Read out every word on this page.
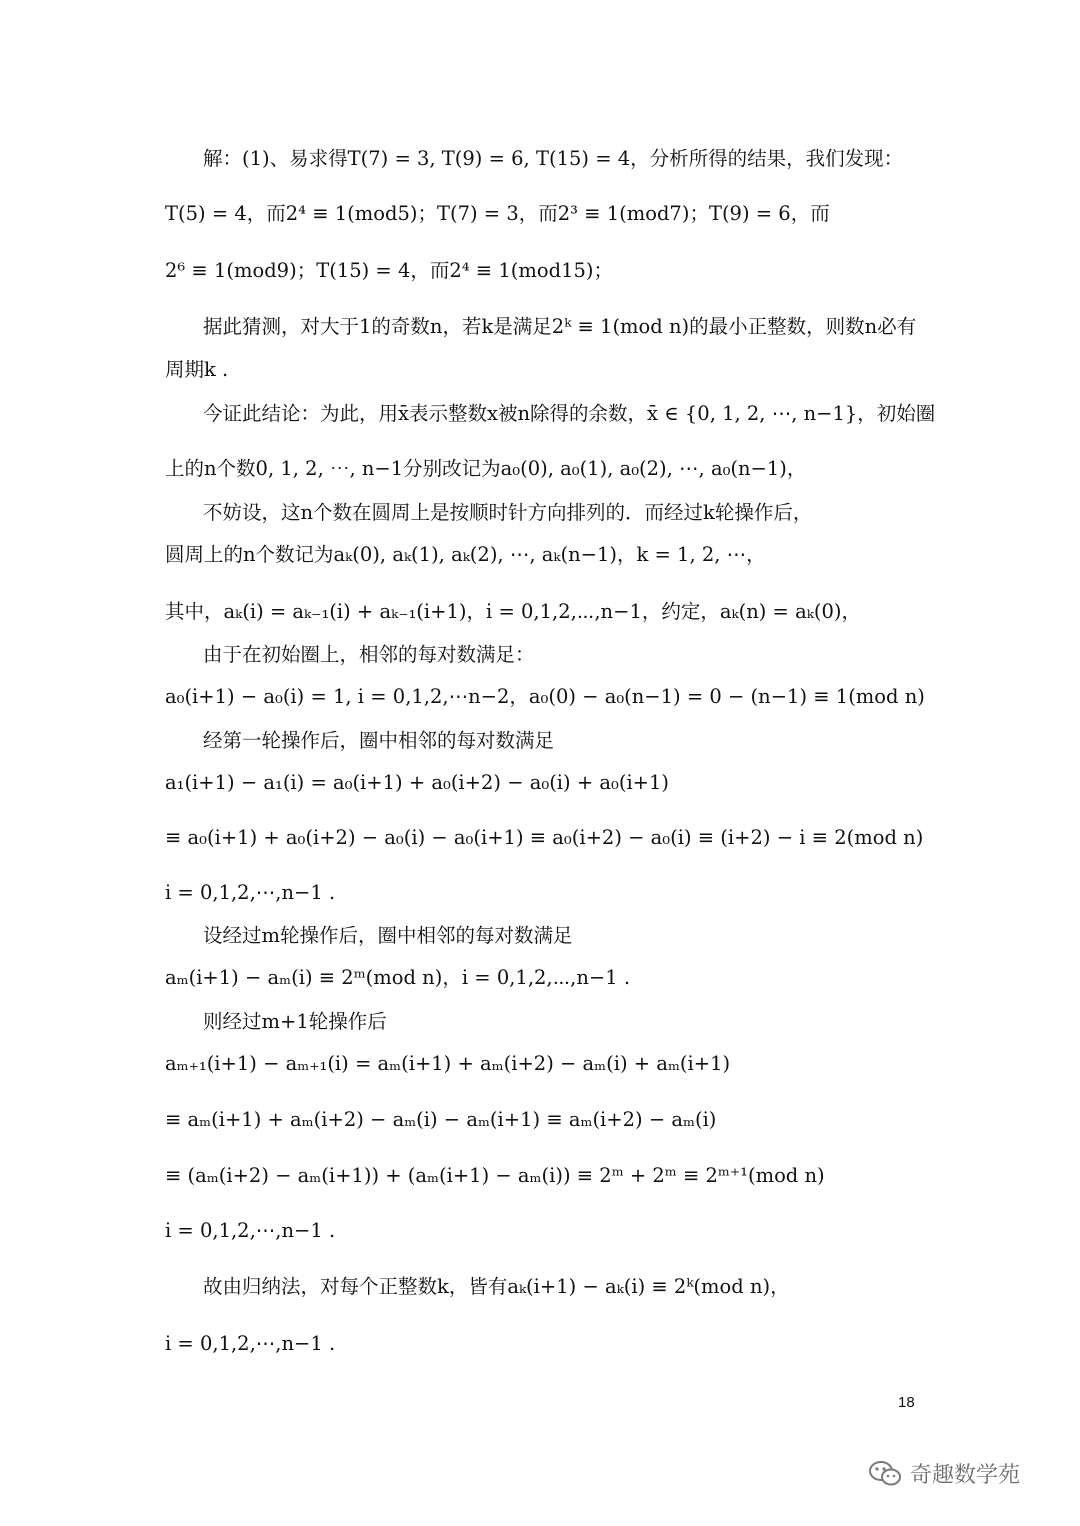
解：(1)、易求得T(7) = 3, T(9) = 6, T(15) = 4，分析所得的结果，我们发现：
T(5) = 4，而2⁴ ≡ 1(mod5)；T(7) = 3，而2³ ≡ 1(mod7)；T(9) = 6，而
2⁶ ≡ 1(mod9)；T(15) = 4，而2⁴ ≡ 1(mod15)；
据此猜测，对大于1的奇数n，若k是满足2ᵏ ≡ 1(mod n)的最小正整数，则数n必有
周期k .
今证此结论：为此，用x̄表示整数x被n除得的余数，x̄ ∈ {0, 1, 2, ⋯, n−1}，初始圈
上的n个数0, 1, 2, ⋯, n−1分别改记为a₀(0), a₀(1), a₀(2), ⋯, a₀(n−1)，
不妨设，这n个数在圆周上是按顺时针方向排列的．而经过k轮操作后，
圆周上的n个数记为aₖ(0), aₖ(1), aₖ(2), ⋯, aₖ(n−1)，k = 1, 2, ⋯，
其中，aₖ(i) = aₖ₋₁(i) + aₖ₋₁(i+1)，i = 0,1,2,⋯,n−1，约定，aₖ(n) = aₖ(0)，
由于在初始圈上，相邻的每对数满足：
a₀(i+1) − a₀(i) = 1, i = 0,1,2,⋯n−2，a₀(0) − a₀(n−1) = 0 − (n−1) ≡ 1(mod n)
经第一轮操作后，圈中相邻的每对数满足
a₁(i+1) − a₁(i) = a₀(i+1) + a₀(i+2) − a₀(i) + a₀(i+1)
≡ a₀(i+1) + a₀(i+2) − a₀(i) − a₀(i+1) ≡ a₀(i+2) − a₀(i) ≡ (i+2) − i ≡ 2(mod n)
i = 0,1,2,⋯,n−1 .
设经过m轮操作后，圈中相邻的每对数满足
aₘ(i+1) − aₘ(i) ≡ 2ᵐ(mod n)，i = 0,1,2,⋯,n−1 .
则经过m+1轮操作后
aₘ₊₁(i+1) − aₘ₊₁(i) = aₘ(i+1) + aₘ(i+2) − aₘ(i) + aₘ(i+1)
≡ aₘ(i+1) + aₘ(i+2) − aₘ(i) − aₘ(i+1) ≡ aₘ(i+2) − aₘ(i)
≡ (aₘ(i+2) − aₘ(i+1)) + (aₘ(i+1) − aₘ(i)) ≡ 2ᵐ + 2ᵐ ≡ 2ᵐ⁺¹(mod n)
i = 0,1,2,⋯,n−1 .
故由归纳法，对每个正整数k，皆有aₖ(i+1) − aₖ(i) ≡ 2ᵏ(mod n)，
i = 0,1,2,⋯,n−1 .
18
奇趣数学苑
